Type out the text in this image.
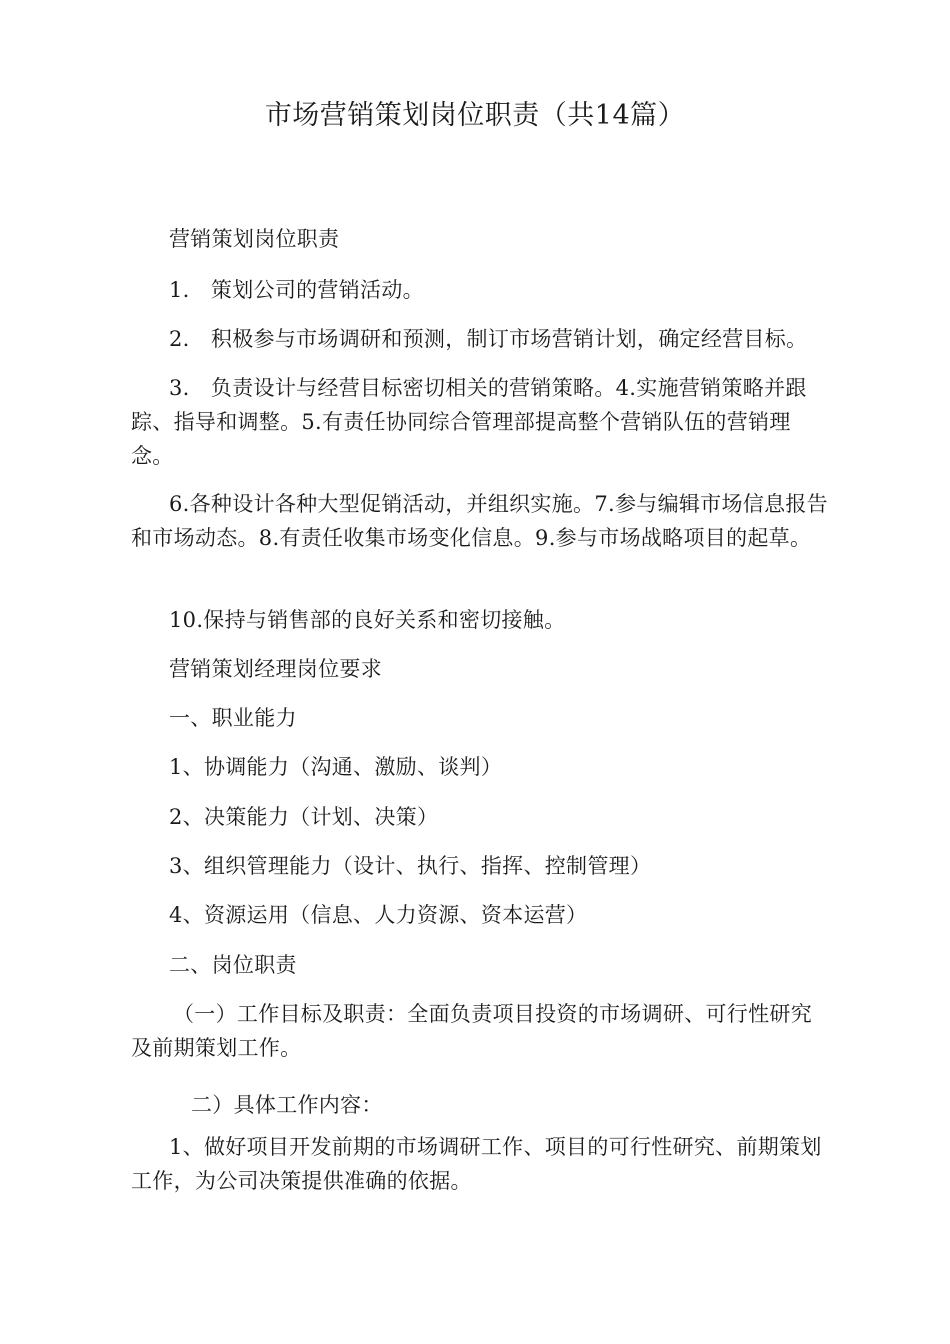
市场营销策划岗位职责（共14篇）

营销策划岗位职责

1.　策划公司的营销活动。

2.　积极参与市场调研和预测，制订市场营销计划，确定经营目标。

3.　负责设计与经营目标密切相关的营销策略。4.实施营销策略并跟踪、指导和调整。5.有责任协同综合管理部提高整个营销队伍的营销理念。

6.各种设计各种大型促销活动，并组织实施。7.参与编辑市场信息报告和市场动态。8.有责任收集市场变化信息。9.参与市场战略项目的起草。

10.保持与销售部的良好关系和密切接触。

营销策划经理岗位要求

一、职业能力

1、协调能力（沟通、激励、谈判）

2、决策能力（计划、决策）

3、组织管理能力（设计、执行、指挥、控制管理）

4、资源运用（信息、人力资源、资本运营）

二、岗位职责

（一）工作目标及职责：全面负责项目投资的市场调研、可行性研究及前期策划工作。

二）具体工作内容：

1、做好项目开发前期的市场调研工作、项目的可行性研究、前期策划工作，为公司决策提供准确的依据。
